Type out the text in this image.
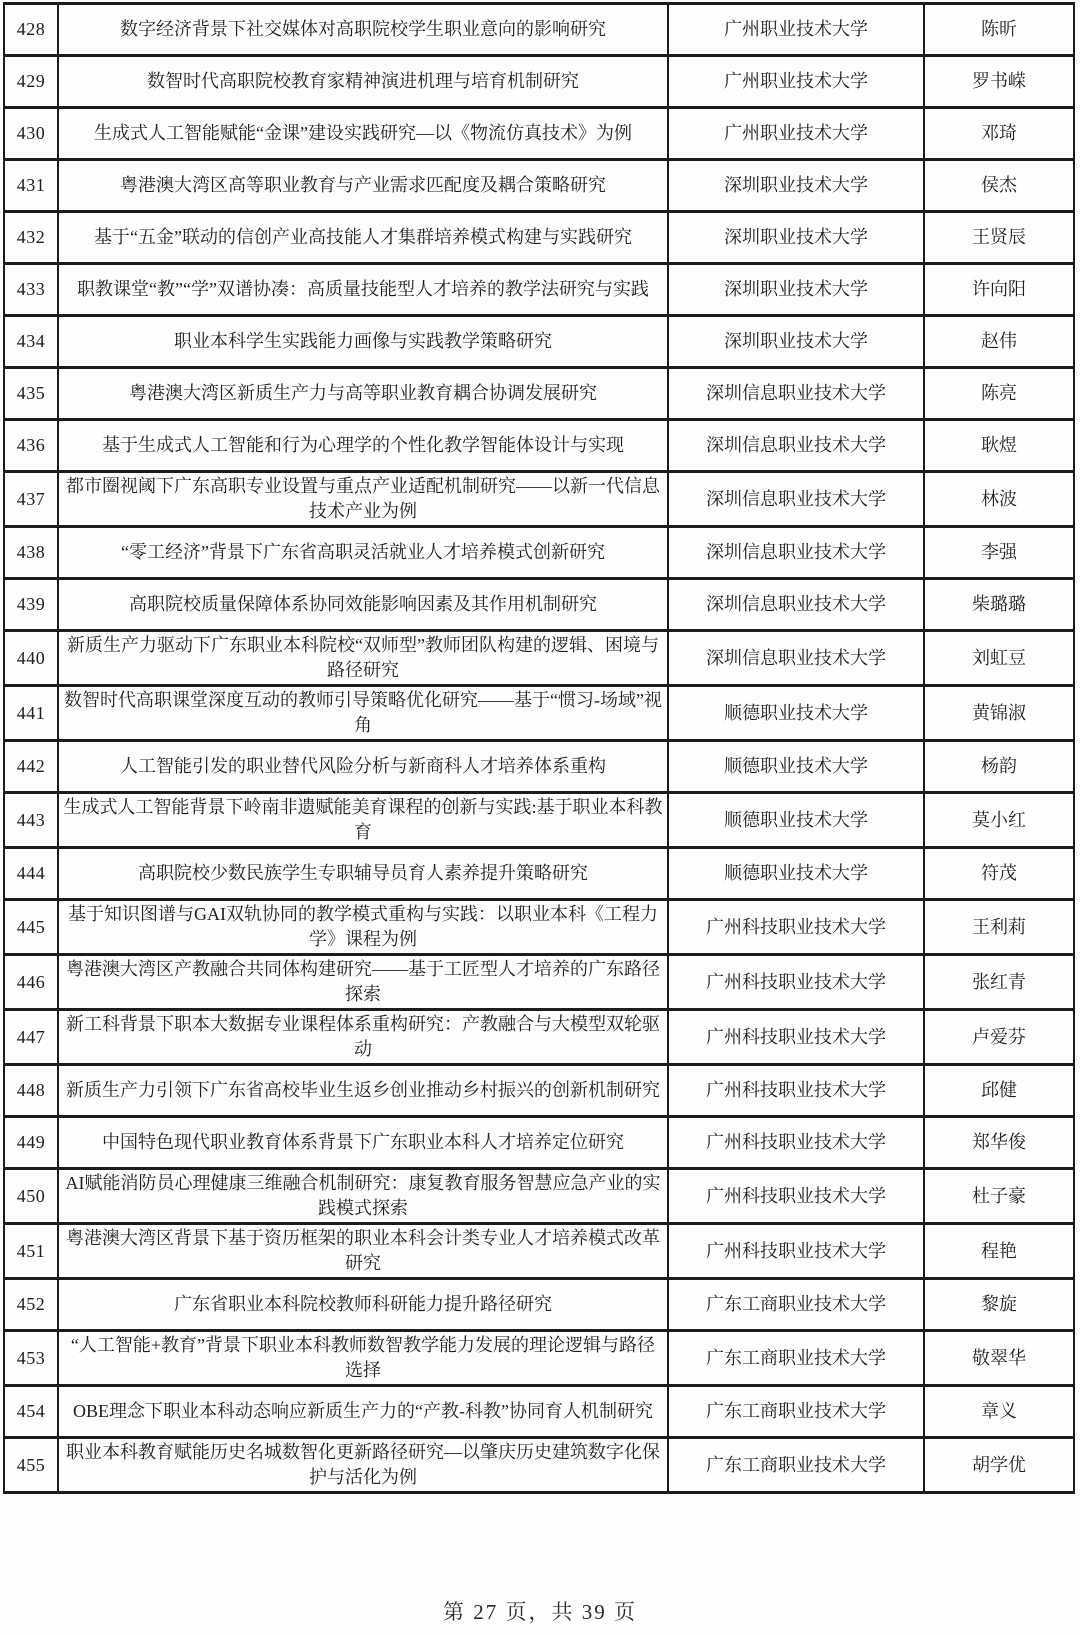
428	数字经济背景下社交媒体对高职院校学生职业意向的影响研究	广州职业技术大学	陈昕
429	数智时代高职院校教育家精神演进机理与培育机制研究	广州职业技术大学	罗书嵘
430	生成式人工智能赋能“金课”建设实践研究—以《物流仿真技术》为例	广州职业技术大学	邓琦
431	粤港澳大湾区高等职业教育与产业需求匹配度及耦合策略研究	深圳职业技术大学	侯杰
432	基于“五金”联动的信创产业高技能人才集群培养模式构建与实践研究	深圳职业技术大学	王贤辰
433	职教课堂“教”“学”双谱协凑：高质量技能型人才培养的教学法研究与实践	深圳职业技术大学	许向阳
434	职业本科学生实践能力画像与实践教学策略研究	深圳职业技术大学	赵伟
435	粤港澳大湾区新质生产力与高等职业教育耦合协调发展研究	深圳信息职业技术大学	陈亮
436	基于生成式人工智能和行为心理学的个性化教学智能体设计与实现	深圳信息职业技术大学	耿煜
437	都市圈视阈下广东高职专业设置与重点产业适配机制研究——以新一代信息技术产业为例	深圳信息职业技术大学	林波
438	“零工经济”背景下广东省高职灵活就业人才培养模式创新研究	深圳信息职业技术大学	李强
439	高职院校质量保障体系协同效能影响因素及其作用机制研究	深圳信息职业技术大学	柴璐璐
440	新质生产力驱动下广东职业本科院校“双师型”教师团队构建的逻辑、困境与路径研究	深圳信息职业技术大学	刘虹豆
441	数智时代高职课堂深度互动的教师引导策略优化研究——基于“惯习-场域”视角	顺德职业技术大学	黄锦淑
442	人工智能引发的职业替代风险分析与新商科人才培养体系重构	顺德职业技术大学	杨韵
443	生成式人工智能背景下岭南非遗赋能美育课程的创新与实践:基于职业本科教育	顺德职业技术大学	莫小红
444	高职院校少数民族学生专职辅导员育人素养提升策略研究	顺德职业技术大学	符茂
445	基于知识图谱与GAI双轨协同的教学模式重构与实践：以职业本科《工程力学》课程为例	广州科技职业技术大学	王利莉
446	粤港澳大湾区产教融合共同体构建研究——基于工匠型人才培养的广东路径探索	广州科技职业技术大学	张红青
447	新工科背景下职本大数据专业课程体系重构研究：产教融合与大模型双轮驱动	广州科技职业技术大学	卢爱芬
448	新质生产力引领下广东省高校毕业生返乡创业推动乡村振兴的创新机制研究	广州科技职业技术大学	邱健
449	中国特色现代职业教育体系背景下广东职业本科人才培养定位研究	广州科技职业技术大学	郑华俊
450	AI赋能消防员心理健康三维融合机制研究：康复教育服务智慧应急产业的实践模式探索	广州科技职业技术大学	杜子豪
451	粤港澳大湾区背景下基于资历框架的职业本科会计类专业人才培养模式改革研究	广州科技职业技术大学	程艳
452	广东省职业本科院校教师科研能力提升路径研究	广东工商职业技术大学	黎旋
453	“人工智能+教育”背景下职业本科教师数智教学能力发展的理论逻辑与路径选择	广东工商职业技术大学	敬翠华
454	OBE理念下职业本科动态响应新质生产力的“产教-科教”协同育人机制研究	广东工商职业技术大学	章义
455	职业本科教育赋能历史名城数智化更新路径研究—以肇庆历史建筑数字化保护与活化为例	广东工商职业技术大学	胡学优
第 27 页，共 39 页
